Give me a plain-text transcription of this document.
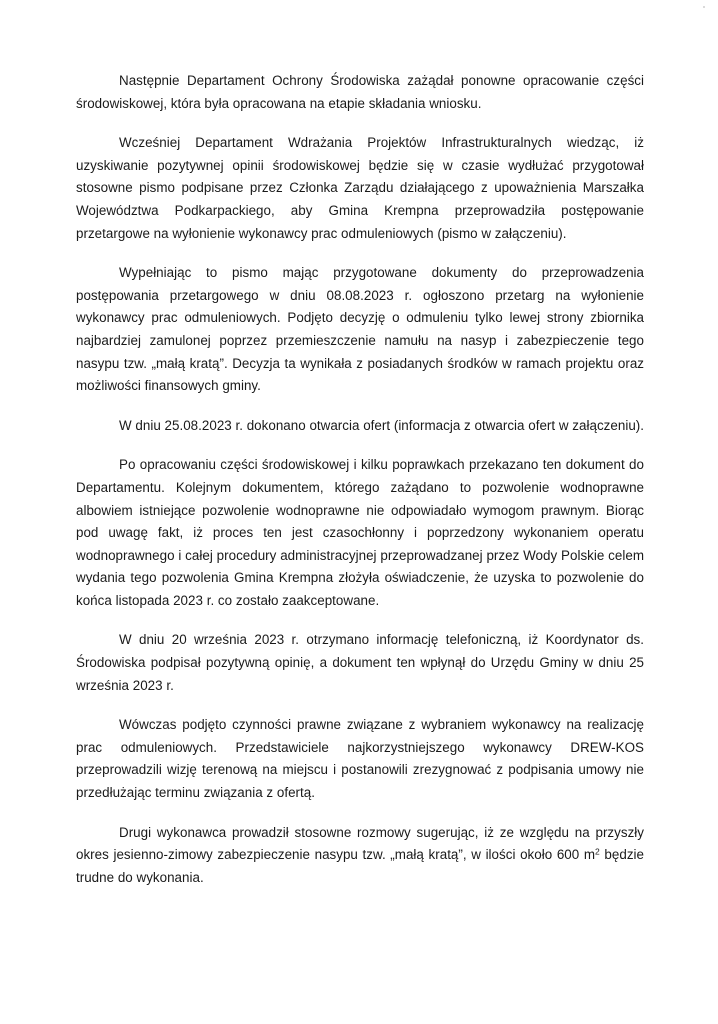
Następnie Departament Ochrony Środowiska zażądał ponowne opracowanie części środowiskowej, która była opracowana na etapie składania wniosku.

Wcześniej Departament Wdrażania Projektów Infrastrukturalnych wiedząc, iż uzyskiwanie pozytywnej opinii środowiskowej będzie się w czasie wydłużać przygotował stosowne pismo podpisane przez Członka Zarządu działającego z upoważnienia Marszałka Województwa Podkarpackiego, aby Gmina Krempna przeprowadziła postępowanie przetargowe na wyłonienie wykonawcy prac odmuleniowych (pismo w załączeniu).

Wypełniając to pismo mając przygotowane dokumenty do przeprowadzenia postępowania przetargowego w dniu 08.08.2023 r. ogłoszono przetarg na wyłonienie wykonawcy prac odmuleniowych. Podjęto decyzję o odmuleniu tylko lewej strony zbiornika najbardziej zamulonej poprzez przemieszczenie namułu na nasyp i zabezpieczenie tego nasypu tzw. „małą kratą”. Decyzja ta wynikała z posiadanych środków w ramach projektu oraz możliwości finansowych gminy.

W dniu 25.08.2023 r. dokonano otwarcia ofert (informacja z otwarcia ofert w załączeniu).

Po opracowaniu części środowiskowej i kilku poprawkach przekazano ten dokument do Departamentu. Kolejnym dokumentem, którego zażądano to pozwolenie wodnoprawne albowiem istniejące pozwolenie wodnoprawne nie odpowiadało wymogom prawnym. Biorąc pod uwagę fakt, iż proces ten jest czasochłonny i poprzedzony wykonaniem operatu wodnoprawnego i całej procedury administracyjnej przeprowadzanej przez Wody Polskie celem wydania tego pozwolenia Gmina Krempna złożyła oświadczenie, że uzyska to pozwolenie do końca listopada 2023 r. co zostało zaakceptowane.

W dniu 20 września 2023 r. otrzymano informację telefoniczną, iż Koordynator ds. Środowiska podpisał pozytywną opinię, a dokument ten wpłynął do Urzędu Gminy w dniu 25 września 2023 r.

Wówczas podjęto czynności prawne związane z wybraniem wykonawcy na realizację prac odmuleniowych. Przedstawiciele najkorzystniejszego wykonawcy DREW-KOS przeprowadzili wizję terenową na miejscu i postanowili zrezygnować z podpisania umowy nie przedłużając terminu związania z ofertą.

Drugi wykonawca prowadził stosowne rozmowy sugerując, iż ze względu na przyszły okres jesienno-zimowy zabezpieczenie nasypu tzw. „małą kratą”, w ilości około 600 $m^2$ będzie trudne do wykonania.
